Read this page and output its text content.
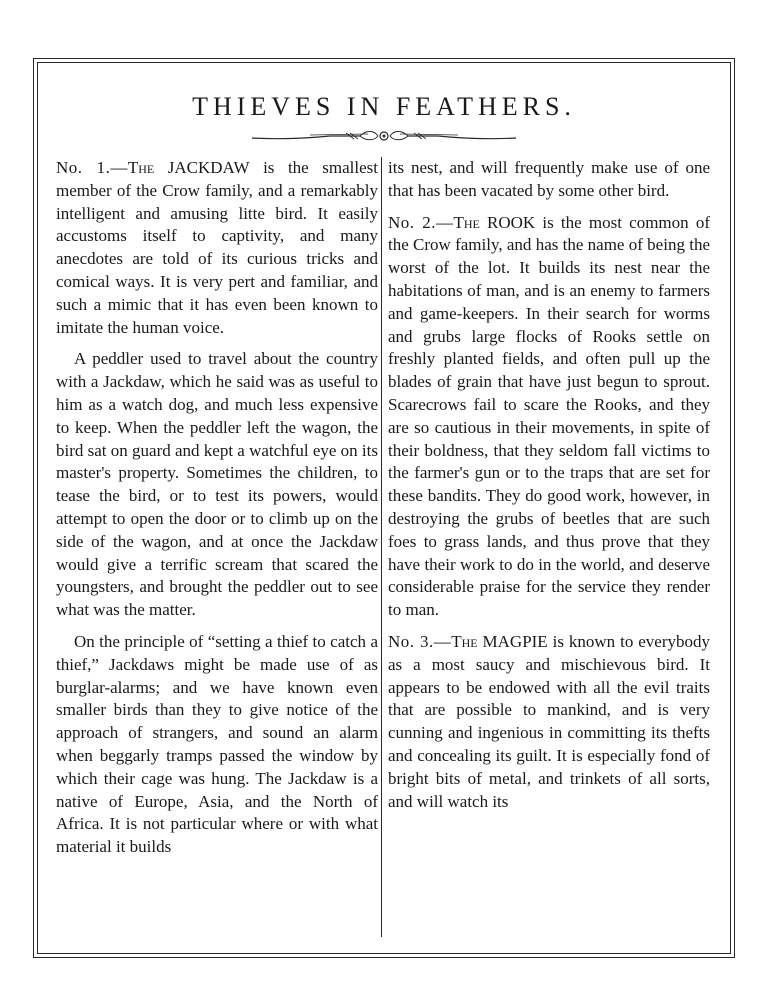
THIEVES IN FEATHERS.

No. 1.—The JACKDAW is the smallest member of the Crow family, and a remarkably intelligent and amusing litte bird. It easily accustoms itself to captivity, and many anecdotes are told of its curious tricks and comical ways. It is very pert and familiar, and such a mimic that it has even been known to imitate the human voice.

A peddler used to travel about the country with a Jackdaw, which he said was as useful to him as a watch dog, and much less expensive to keep. When the peddler left the wagon, the bird sat on guard and kept a watchful eye on its master's property. Sometimes the children, to tease the bird, or to test its powers, would attempt to open the door or to climb up on the side of the wagon, and at once the Jackdaw would give a terrific scream that scared the youngsters, and brought the peddler out to see what was the matter.

On the principle of “setting a thief to catch a thief,” Jackdaws might be made use of as burglar-alarms; and we have known even smaller birds than they to give notice of the approach of strangers, and sound an alarm when beggarly tramps passed the window by which their cage was hung. The Jackdaw is a native of Europe, Asia, and the North of Africa. It is not particular where or with what material it builds

its nest, and will frequently make use of one that has been vacated by some other bird.

No. 2.—The ROOK is the most common of the Crow family, and has the name of being the worst of the lot. It builds its nest near the habitations of man, and is an enemy to farmers and game-keepers. In their search for worms and grubs large flocks of Rooks settle on freshly planted fields, and often pull up the blades of grain that have just begun to sprout. Scarecrows fail to scare the Rooks, and they are so cautious in their movements, in spite of their boldness, that they seldom fall victims to the farmer's gun or to the traps that are set for these bandits. They do good work, however, in destroying the grubs of beetles that are such foes to grass lands, and thus prove that they have their work to do in the world, and deserve considerable praise for the service they render to man.

No. 3.—The MAGPIE is known to everybody as a most saucy and mischievous bird. It appears to be endowed with all the evil traits that are possible to mankind, and is very cunning and ingenious in committing its thefts and concealing its guilt. It is especially fond of bright bits of metal, and trinkets of all sorts, and will watch its
